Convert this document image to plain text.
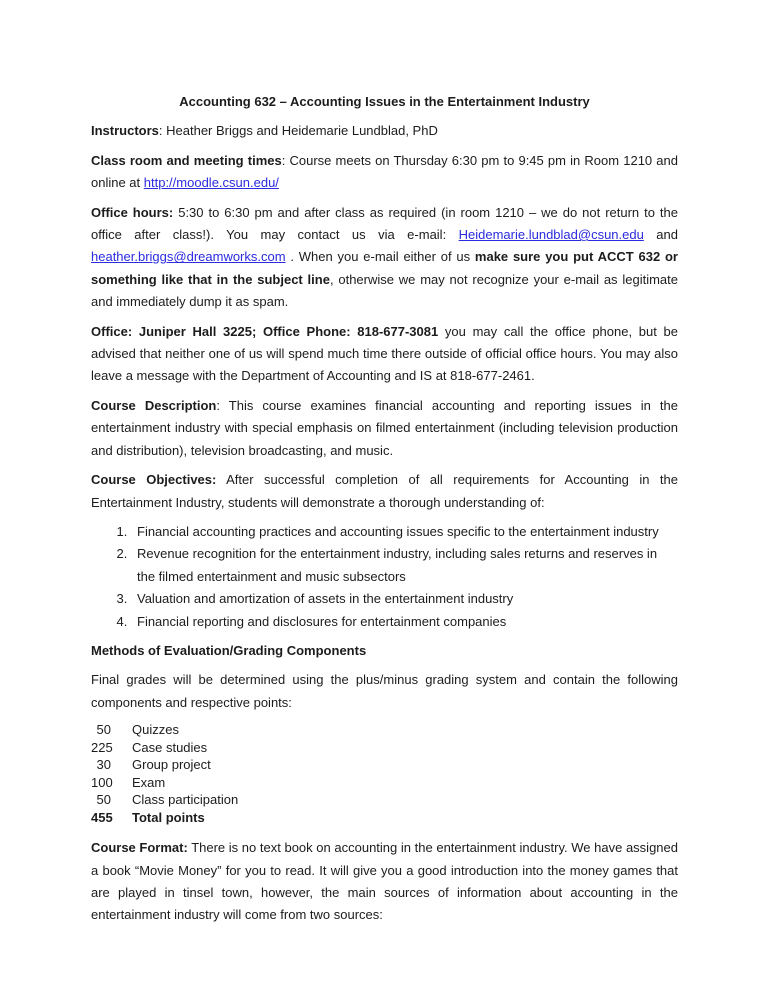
Accounting 632 – Accounting Issues in the Entertainment Industry

Instructors: Heather Briggs and Heidemarie Lundblad, PhD

Class room and meeting times: Course meets on Thursday 6:30 pm to 9:45 pm in Room 1210 and online at http://moodle.csun.edu/

Office hours: 5:30 to 6:30 pm and after class as required (in room 1210 – we do not return to the office after class!). You may contact us via e-mail: Heidemarie.lundblad@csun.edu and heather.briggs@dreamworks.com . When you e-mail either of us make sure you put ACCT 632 or something like that in the subject line, otherwise we may not recognize your e-mail as legitimate and immediately dump it as spam.

Office: Juniper Hall 3225; Office Phone: 818-677-3081 you may call the office phone, but be advised that neither one of us will spend much time there outside of official office hours. You may also leave a message with the Department of Accounting and IS at 818-677-2461.

Course Description: This course examines financial accounting and reporting issues in the entertainment industry with special emphasis on filmed entertainment (including television production and distribution), television broadcasting, and music.

Course Objectives: After successful completion of all requirements for Accounting in the Entertainment Industry, students will demonstrate a thorough understanding of:

1. Financial accounting practices and accounting issues specific to the entertainment industry
2. Revenue recognition for the entertainment industry, including sales returns and reserves in the filmed entertainment and music subsectors
3. Valuation and amortization of assets in the entertainment industry
4. Financial reporting and disclosures for entertainment companies

Methods of Evaluation/Grading Components

Final grades will be determined using the plus/minus grading system and contain the following components and respective points:

50 Quizzes
225 Case studies
30 Group project
100 Exam
50 Class participation
455 Total points

Course Format: There is no text book on accounting in the entertainment industry. We have assigned a book “Movie Money” for you to read. It will give you a good introduction into the money games that are played in tinsel town, however, the main sources of information about accounting in the entertainment industry will come from two sources:
